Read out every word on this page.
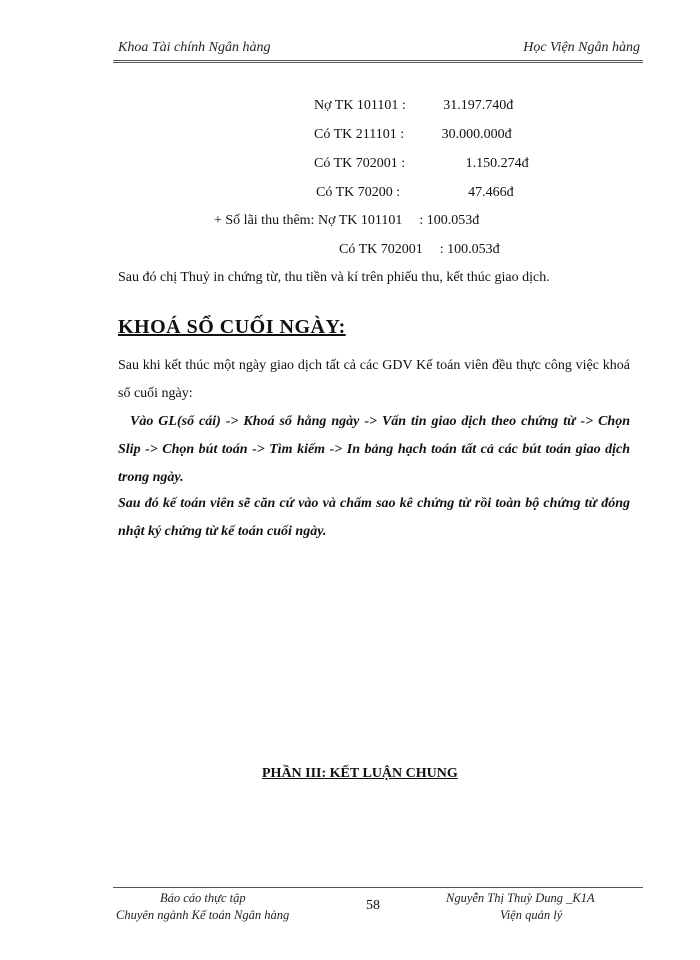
Khoa Tài chính Ngân hàng	Học Viện Ngân hàng
Nợ TK 101101 :	31.197.740đ
Có TK 211101 :	30.000.000đ
Có TK 702001 :	1.150.274đ
Có TK 70200 :	47.466đ
+ Số lãi thu thêm: Nợ TK 101101 : 100.053đ
Có TK 702001 : 100.053đ
Sau đó chị Thuỷ in chứng từ, thu tiền và kí trên phiếu thu, kết thúc giao dịch.
KHOÁ SỔ CUỐI NGÀY:
Sau khi kết thúc một ngày giao dịch tất cả các GDV Kế toán viên đều thực công việc khoá sổ cuối ngày:
Vào GL(sổ cái) -> Khoá sổ hằng ngày -> Vấn tin giao dịch theo chứng từ -> Chọn Slip -> Chọn bút toán -> Tìm kiếm -> In bảng hạch toán tất cả các bút toán giao dịch trong ngày.
Sau đó kế toán viên sẽ căn cứ vào và chấm sao kê chứng từ rồi toàn bộ chứng từ đóng nhật ký chứng từ kế toán cuối ngày.
PHẦN III: KẾT LUẬN CHUNG
Báo cáo thực tập
Chuyên ngành Kế toán Ngân hàng
58	Nguyễn Thị Thuỳ Dung _K1A
Viện quản lý
